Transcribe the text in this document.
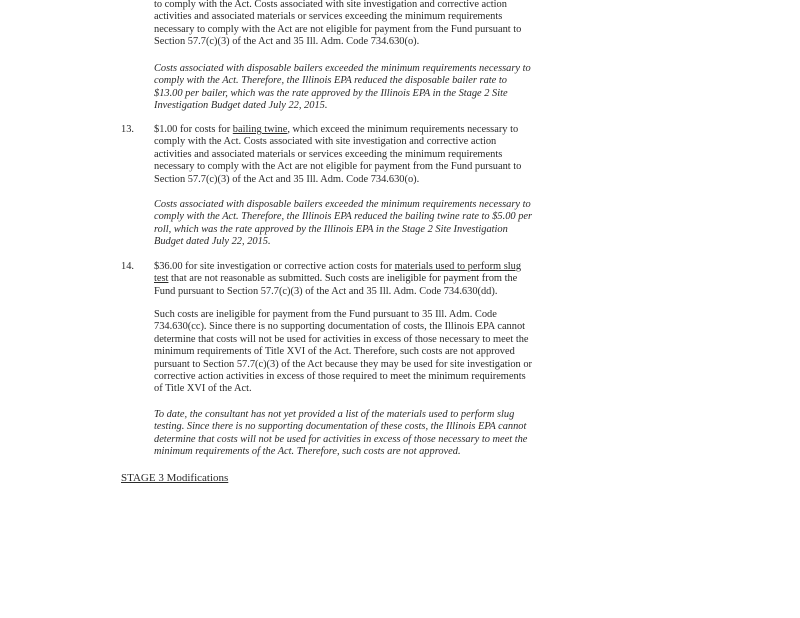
to comply with the Act. Costs associated with site investigation and corrective action activities and associated materials or services exceeding the minimum requirements necessary to comply with the Act are not eligible for payment from the Fund pursuant to Section 57.7(c)(3) of the Act and 35 Ill. Adm. Code 734.630(o).

Costs associated with disposable bailers exceeded the minimum requirements necessary to comply with the Act. Therefore, the Illinois EPA reduced the disposable bailer rate to $13.00 per bailer, which was the rate approved by the Illinois EPA in the Stage 2 Site Investigation Budget dated July 22, 2015.

13. $1.00 for costs for bailing twine, which exceed the minimum requirements necessary to comply with the Act. Costs associated with site investigation and corrective action activities and associated materials or services exceeding the minimum requirements necessary to comply with the Act are not eligible for payment from the Fund pursuant to Section 57.7(c)(3) of the Act and 35 Ill. Adm. Code 734.630(o).

Costs associated with disposable bailers exceeded the minimum requirements necessary to comply with the Act. Therefore, the Illinois EPA reduced the bailing twine rate to $5.00 per roll, which was the rate approved by the Illinois EPA in the Stage 2 Site Investigation Budget dated July 22, 2015.

14. $36.00 for site investigation or corrective action costs for materials used to perform slug test that are not reasonable as submitted. Such costs are ineligible for payment from the Fund pursuant to Section 57.7(c)(3) of the Act and 35 Ill. Adm. Code 734.630(dd).

Such costs are ineligible for payment from the Fund pursuant to 35 Ill. Adm. Code 734.630(cc). Since there is no supporting documentation of costs, the Illinois EPA cannot determine that costs will not be used for activities in excess of those necessary to meet the minimum requirements of Title XVI of the Act. Therefore, such costs are not approved pursuant to Section 57.7(c)(3) of the Act because they may be used for site investigation or corrective action activities in excess of those required to meet the minimum requirements of Title XVI of the Act.

To date, the consultant has not yet provided a list of the materials used to perform slug testing. Since there is no supporting documentation of these costs, the Illinois EPA cannot determine that costs will not be used for activities in excess of those necessary to meet the minimum requirements of the Act. Therefore, such costs are not approved.

STAGE 3 Modifications
